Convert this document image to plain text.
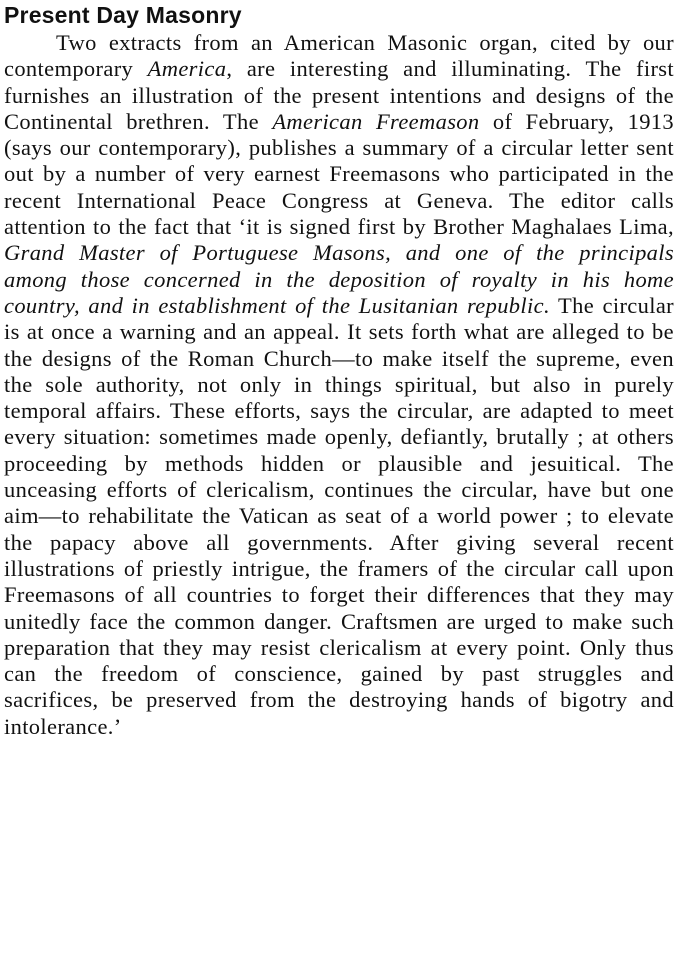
Present Day Masonry

Two extracts from an American Masonic organ, cited by our contemporary America, are interesting and illuminating. The first furnishes an illustration of the present intentions and designs of the Continental brethren. The American Freemason of February, 1913 (says our contemporary), publishes a summary of a circular letter sent out by a number of very earnest Freemasons who participated in the recent International Peace Congress at Geneva. The editor calls attention to the fact that ‘it is signed first by Brother Maghalaes Lima, Grand Master of Portuguese Masons, and one of the principals among those concerned in the deposition of royalty in his home country, and in establishment of the Lusitanian republic. The circular is at once a warning and an appeal. It sets forth what are alleged to be the designs of the Roman Church—to make itself the supreme, even the sole authority, not only in things spiritual, but also in purely temporal affairs. These efforts, says the circular, are adapted to meet every situation: sometimes made openly, defiantly, brutally ; at others proceeding by methods hidden or plausible and jesuitical. The unceasing efforts of clericalism, continues the circular, have but one aim—to rehabilitate the Vatican as seat of a world power ; to elevate the papacy above all governments. After giving several recent illustrations of priestly intrigue, the framers of the circular call upon Freemasons of all countries to forget their differences that they may unitedly face the common danger. Craftsmen are urged to make such preparation that they may resist clericalism at every point. Only thus can the freedom of conscience, gained by past struggles and sacrifices, be preserved from the destroying hands of bigotry and intolerance.’
